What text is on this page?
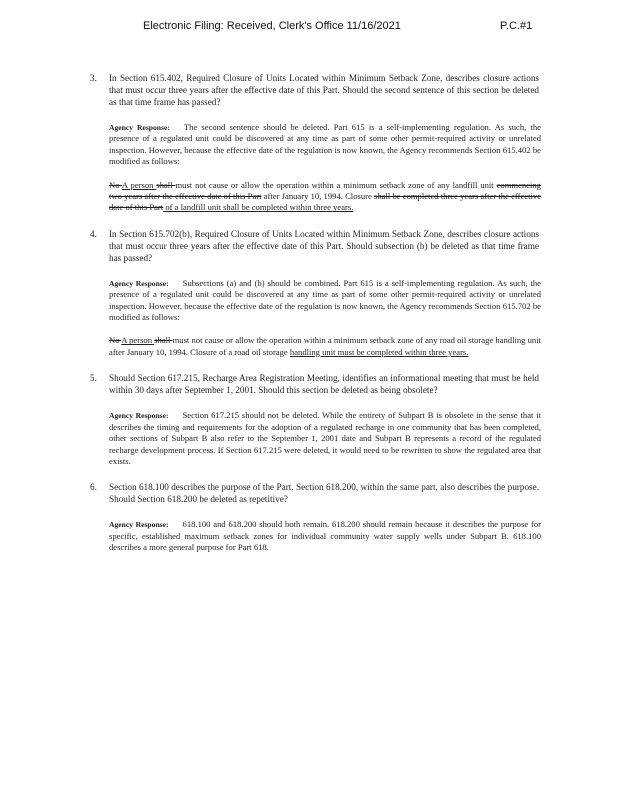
Electronic Filing: Received, Clerk's Office 11/16/2021	P.C.#1
3. In Section 615.402, Required Closure of Units Located within Minimum Setback Zone, describes closure actions that must occur three years after the effective date of this Part. Should the second sentence of this section be deleted as that time frame has passed?
Agency Response: The second sentence should be deleted. Part 615 is a self-implementing regulation. As such, the presence of a regulated unit could be discovered at any time as part of some other permit-required activity or unrelated inspection. However, because the effective date of the regulation is now known, the Agency recommends Section 615.402 be modified as follows:
No A person shall must not cause or allow the operation within a minimum setback zone of any landfill unit commencing two years after the effective date of this Part after January 10, 1994. Closure shall be completed three years after the effective date of this Part of a landfill unit shall be completed within three years.
4. In Section 615.702(b), Required Closure of Units Located within Minimum Setback Zone, describes closure actions that must occur three years after the effective date of this Part. Should subsection (b) be deleted as that time frame has passed?
Agency Response: Subsections (a) and (b) should be combined. Part 615 is a self-implementing regulation. As such, the presence of a regulated unit could be discovered at any time as part of some other permit-required activity or unrelated inspection. However, because the effective date of the regulation is now known, the Agency recommends Section 615.702 be modified as follows:
No A person shall must not cause or allow the operation within a minimum setback zone of any road oil storage handling unit after January 10, 1994. Closure of a road oil storage handling unit must be completed within three years.
5. Should Section 617.215, Recharge Area Registration Meeting, identifies an informational meeting that must be held within 30 days after September 1, 2001. Should this section be deleted as being obsolete?
Agency Response: Section 617.215 should not be deleted. While the entirety of Subpart B is obsolete in the sense that it describes the timing and requirements for the adoption of a regulated recharge in one community that has been completed, other sections of Subpart B also refer to the September 1, 2001 date and Subpart B represents a record of the regulated recharge development process. If Section 617.215 were deleted, it would need to be rewritten to show the regulated area that exists.
6. Section 618.100 describes the purpose of the Part. Section 618.200, within the same part, also describes the purpose. Should Section 618.200 be deleted as repetitive?
Agency Response: 618.100 and 618.200 should both remain. 618.200 should remain because it describes the purpose for specific, established maximum setback zones for individual community water supply wells under Subpart B. 618.100 describes a more general purpose for Part 618.
